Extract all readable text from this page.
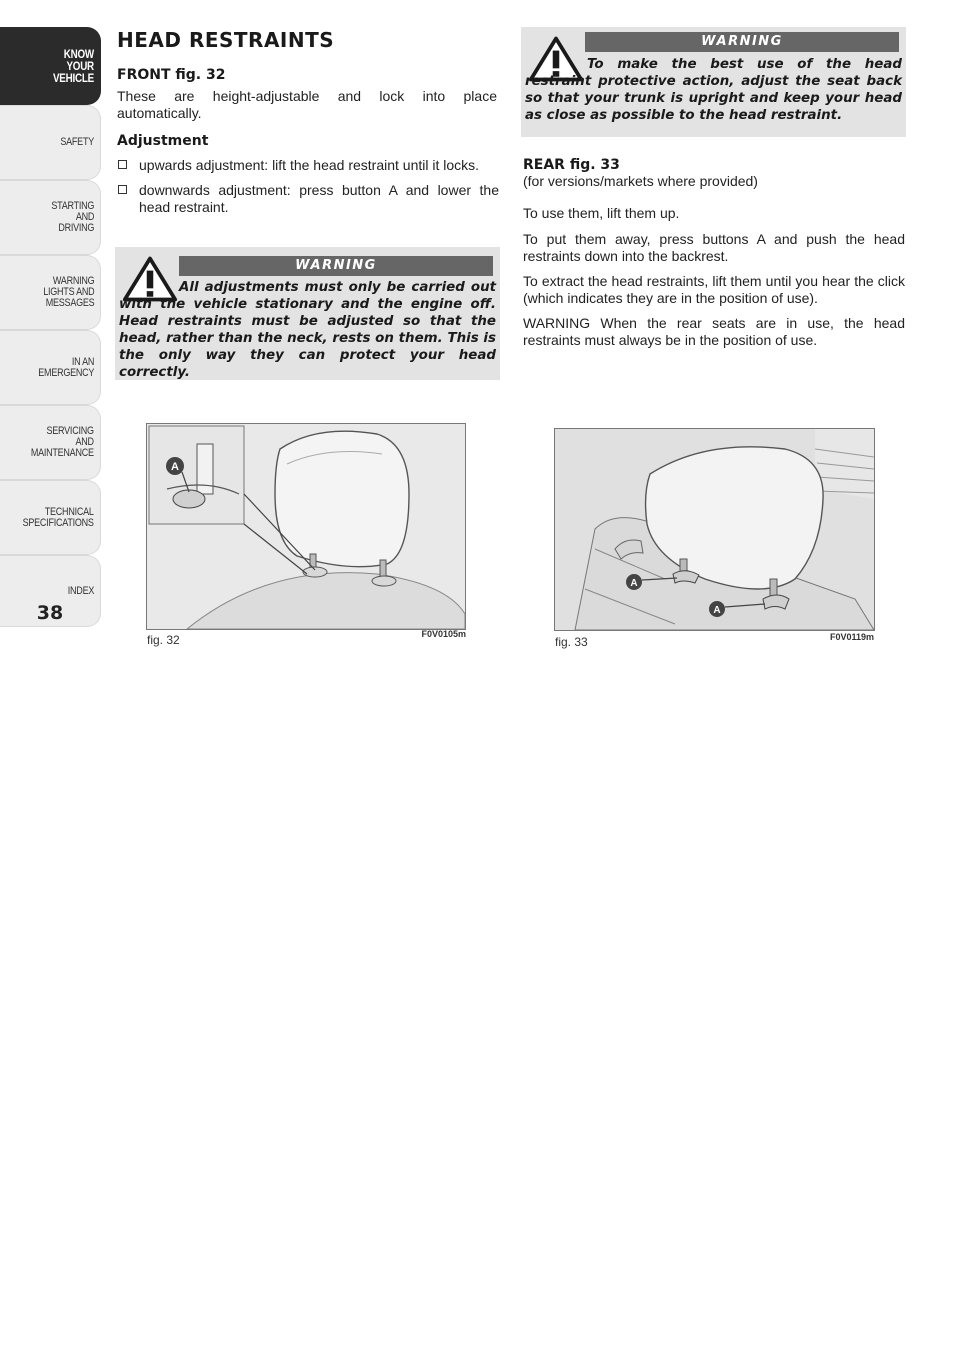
KNOW
YOUR
VEHICLE
SAFETY
STARTING
AND
DRIVING
WARNING
LIGHTS AND
MESSAGES
IN AN
EMERGENCY
SERVICING
AND
MAINTENANCE
TECHNICAL
SPECIFICATIONS
INDEX
38
HEAD RESTRAINTS
FRONT fig. 32

These are height-adjustable and lock into place automatically.

Adjustment
upwards adjustment: lift the head restraint until it locks.
downwards adjustment: press button A and lower the head restraint.
WARNING

All adjustments must only be carried out with the vehicle stationary and the engine off. Head restraints must be adjusted so that the head, rather than the neck, rests on them. This is the only way they can protect your head correctly.

A
fig. 32	F0V0105m
WARNING

To make the best use of the head restraint protective action, adjust the seat back so that your trunk is upright and keep your head as close as possible to the head restraint.

REAR fig. 33

(for versions/markets where provided)

To use them, lift them up.

To put them away, press buttons A and push the head restraints down into the backrest.

To extract the head restraints, lift them until you hear the click (which indicates they are in the position of use).

WARNING When the rear seats are in use, the head restraints must always be in the position of use.

A
A
fig. 33	F0V0119m
